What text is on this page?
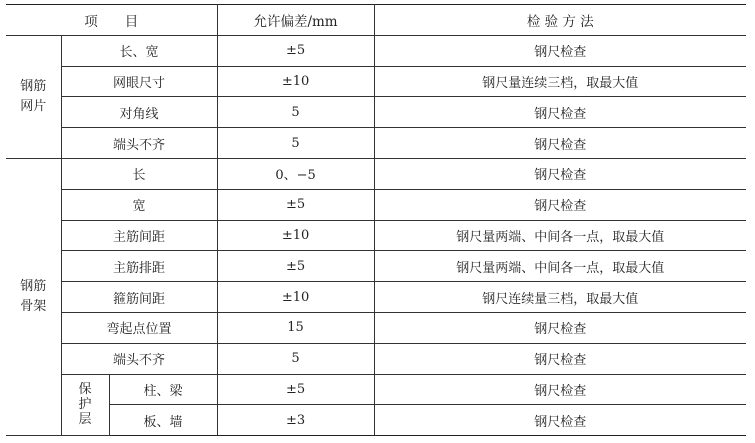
项　　目			允许偏差/mm	检 验 方 法

钢筋
网片	长、宽		±5	钢尺检查
	网眼尺寸		±10	钢尺量连续三档，取最大值
	对角线		5	钢尺检查
	端头不齐		5	钢尺检查

钢筋
骨架	长		0、−5	钢尺检查
	宽		±5	钢尺检查
	主筋间距		±10	钢尺量两端、中间各一点，取最大值
	主筋排距		±5	钢尺量两端、中间各一点，取最大值
	箍筋间距		±10	钢尺连续量三档，取最大值
	弯起点位置		15	钢尺检查
	端头不齐		5	钢尺检查

	保
护
层	柱、梁	±5	钢尺检查
		板、墙	±3	钢尺检查
